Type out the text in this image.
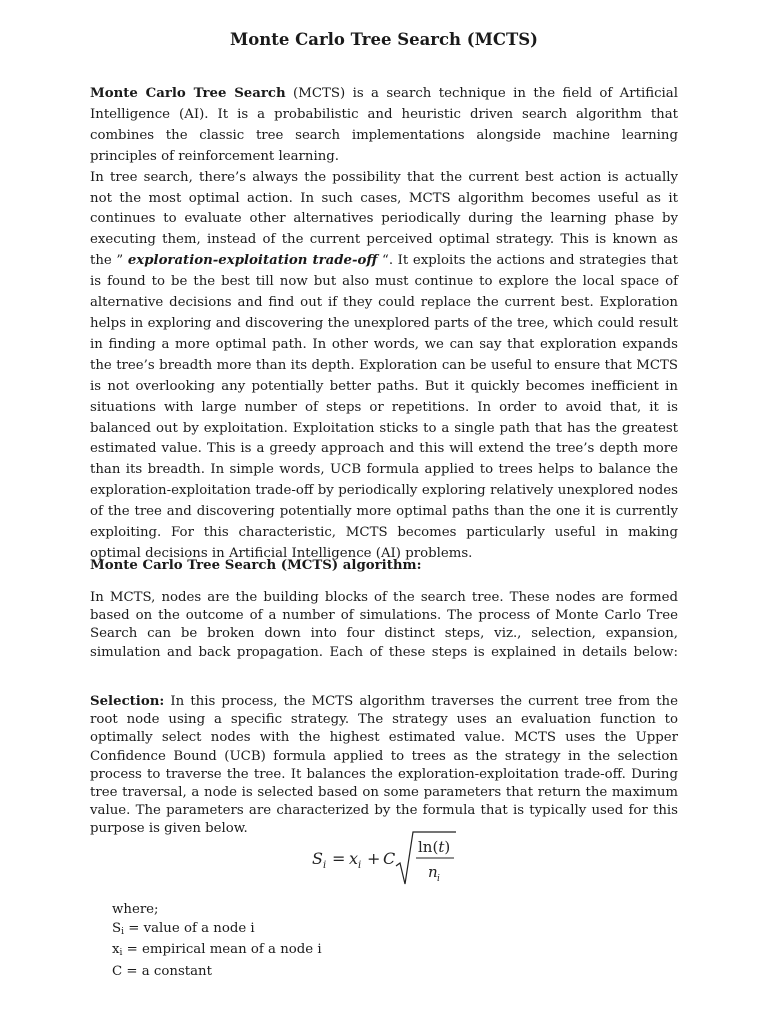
Monte Carlo Tree Search (MCTS)

Monte Carlo Tree Search (MCTS) is a search technique in the field of Artificial Intelligence (AI). It is a probabilistic and heuristic driven search algorithm that combines the classic tree search implementations alongside machine learning principles of reinforcement learning.

In tree search, there’s always the possibility that the current best action is actually not the most optimal action. In such cases, MCTS algorithm becomes useful as it continues to evaluate other alternatives periodically during the learning phase by executing them, instead of the current perceived optimal strategy. This is known as the ” exploration-exploitation trade-off “. It exploits the actions and strategies that is found to be the best till now but also must continue to explore the local space of alternative decisions and find out if they could replace the current best. Exploration helps in exploring and discovering the unexplored parts of the tree, which could result in finding a more optimal path. In other words, we can say that exploration expands the tree’s breadth more than its depth. Exploration can be useful to ensure that MCTS is not overlooking any potentially better paths. But it quickly becomes inefficient in situations with large number of steps or repetitions. In order to avoid that, it is balanced out by exploitation. Exploitation sticks to a single path that has the greatest estimated value. This is a greedy approach and this will extend the tree’s depth more than its breadth. In simple words, UCB formula applied to trees helps to balance the exploration-exploitation trade-off by periodically exploring relatively unexplored nodes of the tree and discovering potentially more optimal paths than the one it is currently exploiting. For this characteristic, MCTS becomes particularly useful in making optimal decisions in Artificial Intelligence (AI) problems.

Monte Carlo Tree Search (MCTS) algorithm:
In MCTS, nodes are the building blocks of the search tree. These nodes are formed based on the outcome of a number of simulations. The process of Monte Carlo Tree Search can be broken down into four distinct steps, viz., selection, expansion, simulation and back propagation. Each of these steps is explained in details below:
Selection: In this process, the MCTS algorithm traverses the current tree from the root node using a specific strategy. The strategy uses an evaluation function to optimally select nodes with the highest estimated value. MCTS uses the Upper Confidence Bound (UCB) formula applied to trees as the strategy in the selection process to traverse the tree. It balances the exploration-exploitation trade-off. During tree traversal, a node is selected based on some parameters that return the maximum value. The parameters are characterized by the formula that is typically used for this purpose is given below.
S i = x i + C
ln(t)
n i
where;
$S_i$ = value of a node i
$x_i$ = empirical mean of a node i
C = a constant
